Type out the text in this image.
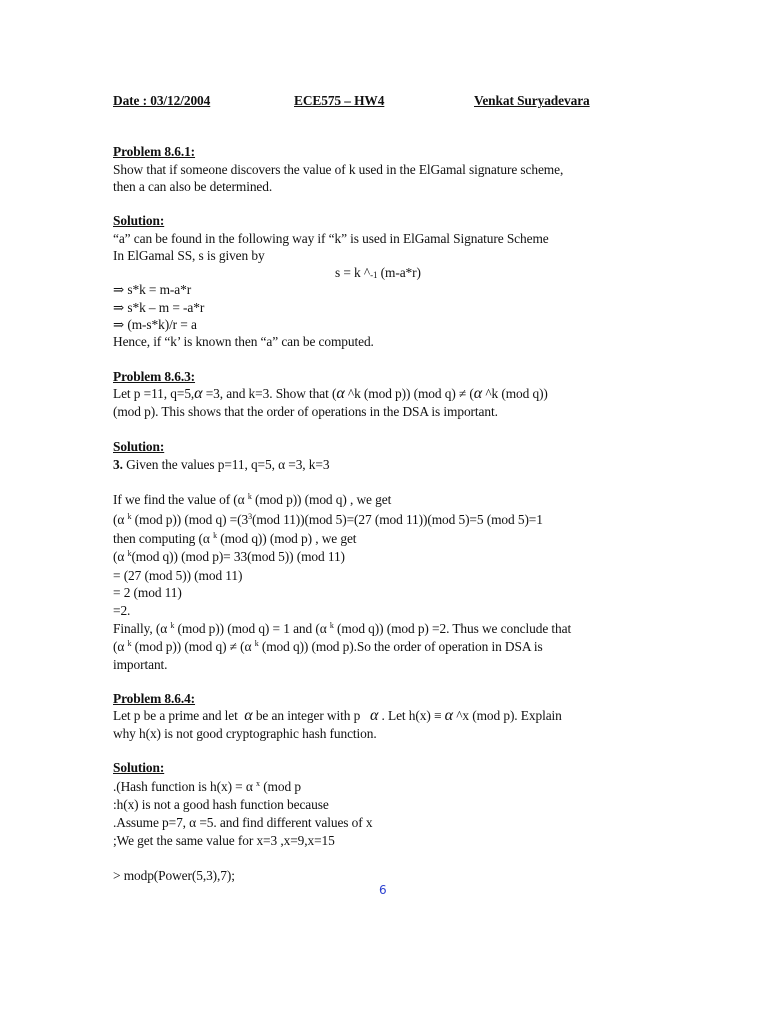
Date : 03/12/2004	ECE575 – HW4	Venkat Suryadevara
Problem 8.6.1:
Show that if someone discovers the value of k used in the ElGamal signature scheme,
then a can also be determined.
Solution:
“a” can be found in the following way if “k” is used in ElGamal Signature Scheme
In ElGamal SS, s is given by
s = k ^-1 (m-a*r)
⇒ s*k = m-a*r
⇒ s*k – m = -a*r
⇒ (m-s*k)/r = a
Hence, if “k’ is known then “a” can be computed.
Problem 8.6.3:
Let p =11, q=5,α =3, and k=3. Show that (α ^k (mod p)) (mod q) ≠ (α ^k (mod q))
(mod p). This shows that the order of operations in the DSA is important.
Solution:
3. Given the values p=11, q=5, α =3, k=3
If we find the value of (α $^k$ (mod p)) (mod q) , we get
(α $^k$ (mod p)) (mod $q) =(3^3(mod$ 11))(mod 5)=(27 (mod 11))(mod 5)=5 (mod 5)=1
then computing (α $^k$ (mod q)) (mod p) , we get
(α $^k$(mod q)) (mod p)= 33(mod 5)) (mod 11)
= (27 (mod 5)) (mod 11)
= 2 (mod 11)
=2.
Finally, (α $^k$ (mod p)) (mod q) = 1 and (α $^k$ (mod q)) (mod p) =2. Thus we conclude that
(α $^k$ (mod p)) (mod q) ≠ (α $^k$ (mod q)) (mod p).So the order of operation in DSA is
important.
Problem 8.6.4:
Let p be a prime and let α be an integer with p α . Let h(x) ≡ α ^x (mod p). Explain
why h(x) is not good cryptographic hash function.
Solution:
.(Hash function is h(x) = α $^x$ (mod p
:h(x) is not a good hash function because
.Assume p=7, α =5. and find different values of x
;We get the same value for x=3 ,x=9,x=15
> modp(Power(5,3),7);
6
